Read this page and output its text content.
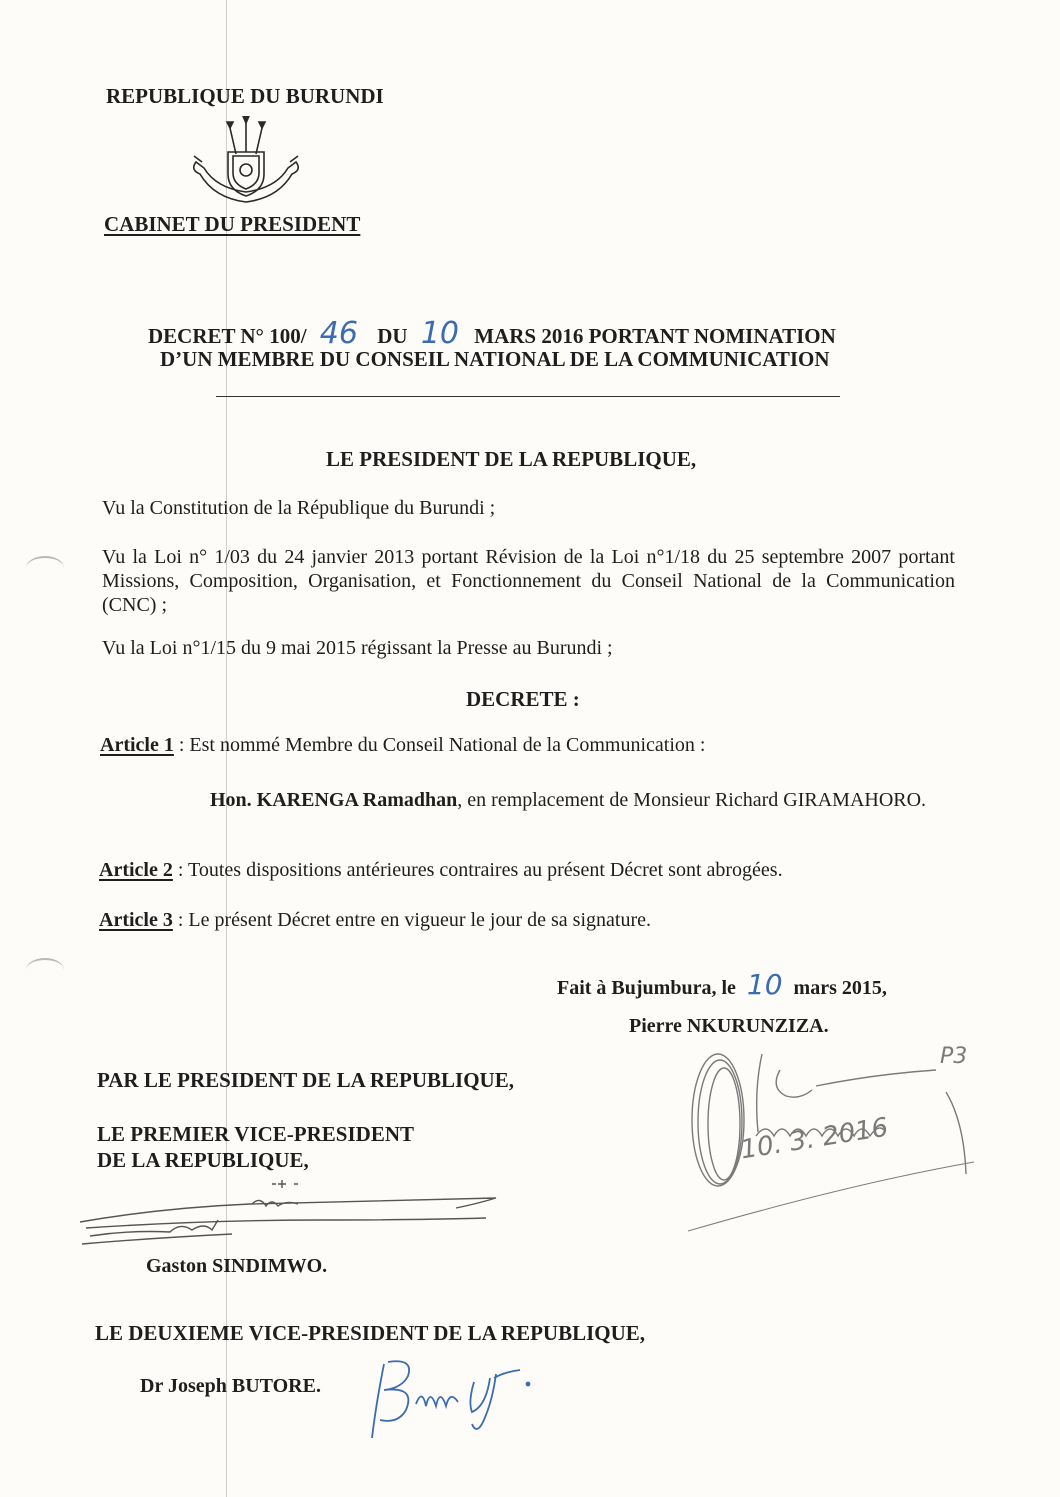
REPUBLIQUE DU BURUNDI

CABINET DU PRESIDENT

DECRET N° 100/ 46 DU 10 MARS 2016 PORTANT NOMINATION

D’UN MEMBRE DU CONSEIL NATIONAL DE LA COMMUNICATION

LE PRESIDENT DE LA REPUBLIQUE,

Vu la Constitution de la République du Burundi ;

Vu la Loi n° 1/03 du 24 janvier 2013 portant Révision de la Loi n°1/18 du 25 septembre 2007 portant Missions, Composition, Organisation, et Fonctionnement du Conseil National de la Communication (CNC) ;

Vu la Loi n°1/15 du 9 mai 2015 régissant la Presse au Burundi ;

DECRETE :

Article 1 : Est nommé Membre du Conseil National de la Communication :

Hon. KARENGA Ramadhan, en remplacement de Monsieur Richard GIRAMAHORO.

Article 2 : Toutes dispositions antérieures contraires au présent Décret sont abrogées.

Article 3 : Le présent Décret entre en vigueur le jour de sa signature.

Fait à Bujumbura, le 10 mars 2015,

Pierre NKURUNZIZA.

P3
10. 3. 2016

PAR LE PRESIDENT DE LA REPUBLIQUE,

LE PREMIER VICE-PRESIDENT

DE LA REPUBLIQUE,

Gaston SINDIMWO.

LE DEUXIEME VICE-PRESIDENT DE LA REPUBLIQUE,

Dr Joseph BUTORE.
